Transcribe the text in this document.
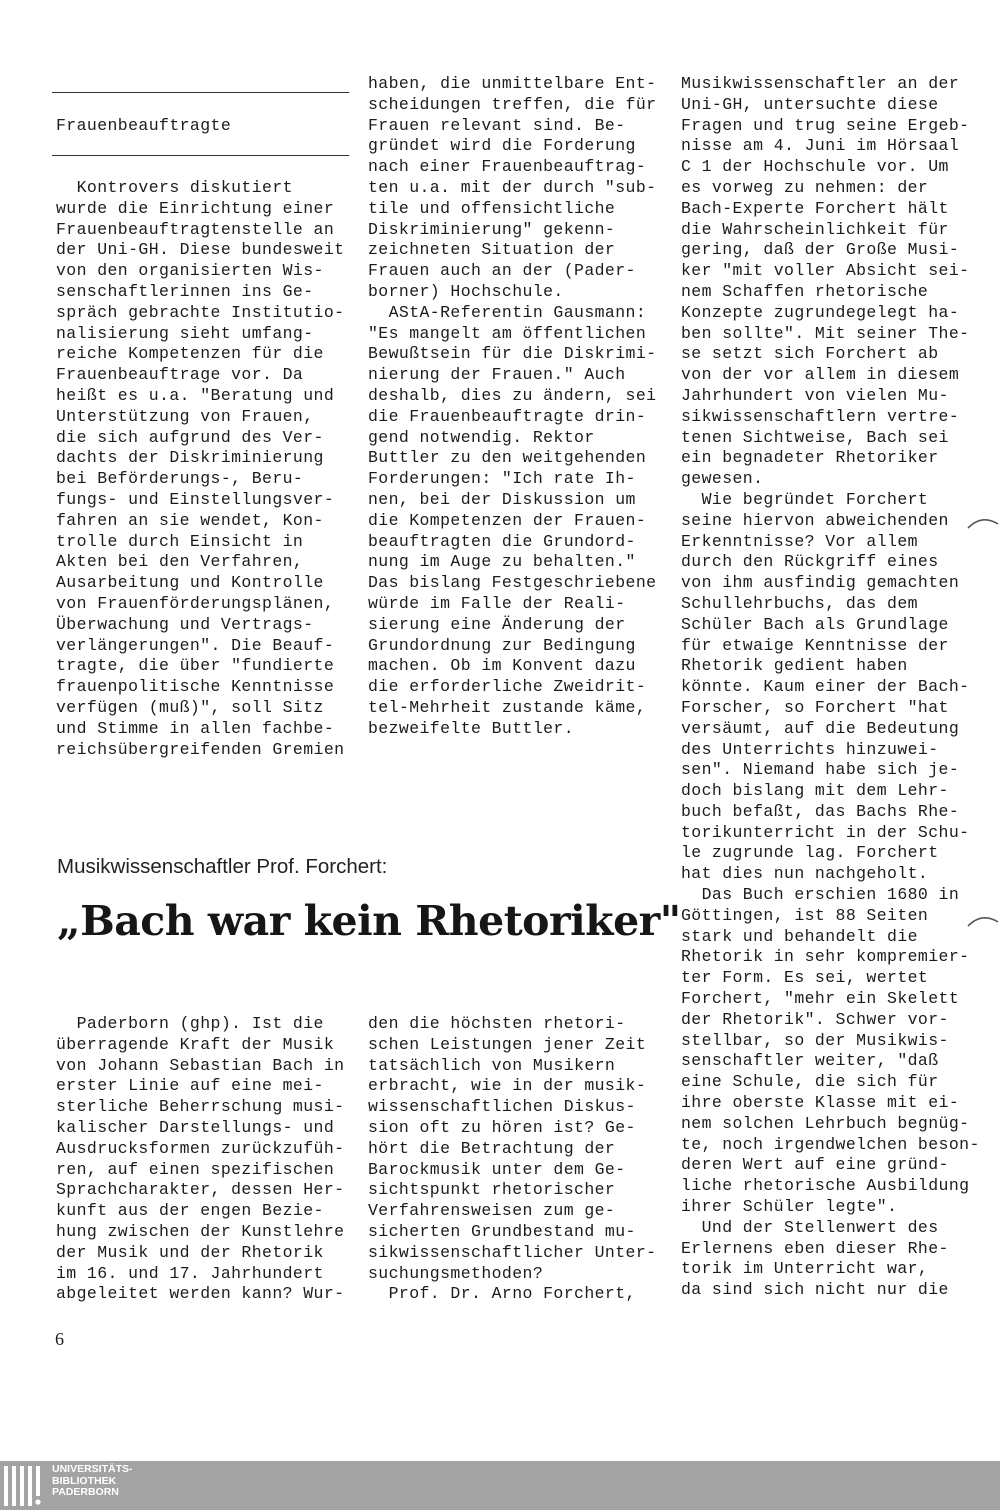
Frauenbeauftragte

Kontrovers diskutiert

wurde die Einrichtung einer

Frauenbeauftragtenstelle an

der Uni-GH. Diese bundesweit

von den organisierten Wis-

senschaftlerinnen ins Ge-

spräch gebrachte Institutio-

nalisierung sieht umfang-

reiche Kompetenzen für die

Frauenbeauftrage vor. Da

heißt es u.a. "Beratung und

Unterstützung von Frauen,

die sich aufgrund des Ver-

dachts der Diskriminierung

bei Beförderungs-, Beru-

fungs- und Einstellungsver-

fahren an sie wendet, Kon-

trolle durch Einsicht in

Akten bei den Verfahren,

Ausarbeitung und Kontrolle

von Frauenförderungsplänen,

Überwachung und Vertrags-

verlängerungen". Die Beauf-

tragte, die über "fundierte

frauenpolitische Kenntnisse

verfügen (muß)", soll Sitz

und Stimme in allen fachbe-

reichsübergreifenden Gremien

haben, die unmittelbare Ent-

scheidungen treffen, die für

Frauen relevant sind. Be-

gründet wird die Forderung

nach einer Frauenbeauftrag-

ten u.a. mit der durch "sub-

tile und offensichtliche

Diskriminierung" gekenn-

zeichneten Situation der

Frauen auch an der (Pader-

borner) Hochschule.

AStA-Referentin Gausmann:

"Es mangelt am öffentlichen

Bewußtsein für die Diskrimi-

nierung der Frauen." Auch

deshalb, dies zu ändern, sei

die Frauenbeauftragte drin-

gend notwendig. Rektor

Buttler zu den weitgehenden

Forderungen: "Ich rate Ih-

nen, bei der Diskussion um

die Kompetenzen der Frauen-

beauftragten die Grundord-

nung im Auge zu behalten."

Das bislang Festgeschriebene

würde im Falle der Reali-

sierung eine Änderung der

Grundordnung zur Bedingung

machen. Ob im Konvent dazu

die erforderliche Zweidrit-

tel-Mehrheit zustande käme,

bezweifelte Buttler.

Musikwissenschaftler Prof. Forchert:
„Bach war kein Rhetoriker"

Paderborn (ghp). Ist die

überragende Kraft der Musik

von Johann Sebastian Bach in

erster Linie auf eine mei-

sterliche Beherrschung musi-

kalischer Darstellungs- und

Ausdrucksformen zurückzufüh-

ren, auf einen spezifischen

Sprachcharakter, dessen Her-

kunft aus der engen Bezie-

hung zwischen der Kunstlehre

der Musik und der Rhetorik

im 16. und 17. Jahrhundert

abgeleitet werden kann? Wur-

den die höchsten rhetori-

schen Leistungen jener Zeit

tatsächlich von Musikern

erbracht, wie in der musik-

wissenschaftlichen Diskus-

sion oft zu hören ist? Ge-

hört die Betrachtung der

Barockmusik unter dem Ge-

sichtspunkt rhetorischer

Verfahrensweisen zum ge-

sicherten Grundbestand mu-

sikwissenschaftlicher Unter-

suchungsmethoden?

Prof. Dr. Arno Forchert,

Musikwissenschaftler an der

Uni-GH, untersuchte diese

Fragen und trug seine Ergeb-

nisse am 4. Juni im Hörsaal

C 1 der Hochschule vor. Um

es vorweg zu nehmen: der

Bach-Experte Forchert hält

die Wahrscheinlichkeit für

gering, daß der Große Musi-

ker "mit voller Absicht sei-

nem Schaffen rhetorische

Konzepte zugrundegelegt ha-

ben sollte". Mit seiner The-

se setzt sich Forchert ab

von der vor allem in diesem

Jahrhundert von vielen Mu-

sikwissenschaftlern vertre-

tenen Sichtweise, Bach sei

ein begnadeter Rhetoriker

gewesen.

Wie begründet Forchert

seine hiervon abweichenden

Erkenntnisse? Vor allem

durch den Rückgriff eines

von ihm ausfindig gemachten

Schullehrbuchs, das dem

Schüler Bach als Grundlage

für etwaige Kenntnisse der

Rhetorik gedient haben

könnte. Kaum einer der Bach-

Forscher, so Forchert "hat

versäumt, auf die Bedeutung

des Unterrichts hinzuwei-

sen". Niemand habe sich je-

doch bislang mit dem Lehr-

buch befaßt, das Bachs Rhe-

torikunterricht in der Schu-

le zugrunde lag. Forchert

hat dies nun nachgeholt.

Das Buch erschien 1680 in

Göttingen, ist 88 Seiten

stark und behandelt die

Rhetorik in sehr kompremier-

ter Form. Es sei, wertet

Forchert, "mehr ein Skelett

der Rhetorik". Schwer vor-

stellbar, so der Musikwis-

senschaftler weiter, "daß

eine Schule, die sich für

ihre oberste Klasse mit ei-

nem solchen Lehrbuch begnüg-

te, noch irgendwelchen beson-

deren Wert auf eine gründ-

liche rhetorische Ausbildung

ihrer Schüler legte".

Und der Stellenwert des

Erlernens eben dieser Rhe-

torik im Unterricht war,

da sind sich nicht nur die

6
UNIVERSITÄTS-
BIBLIOTHEK
PADERBORN
